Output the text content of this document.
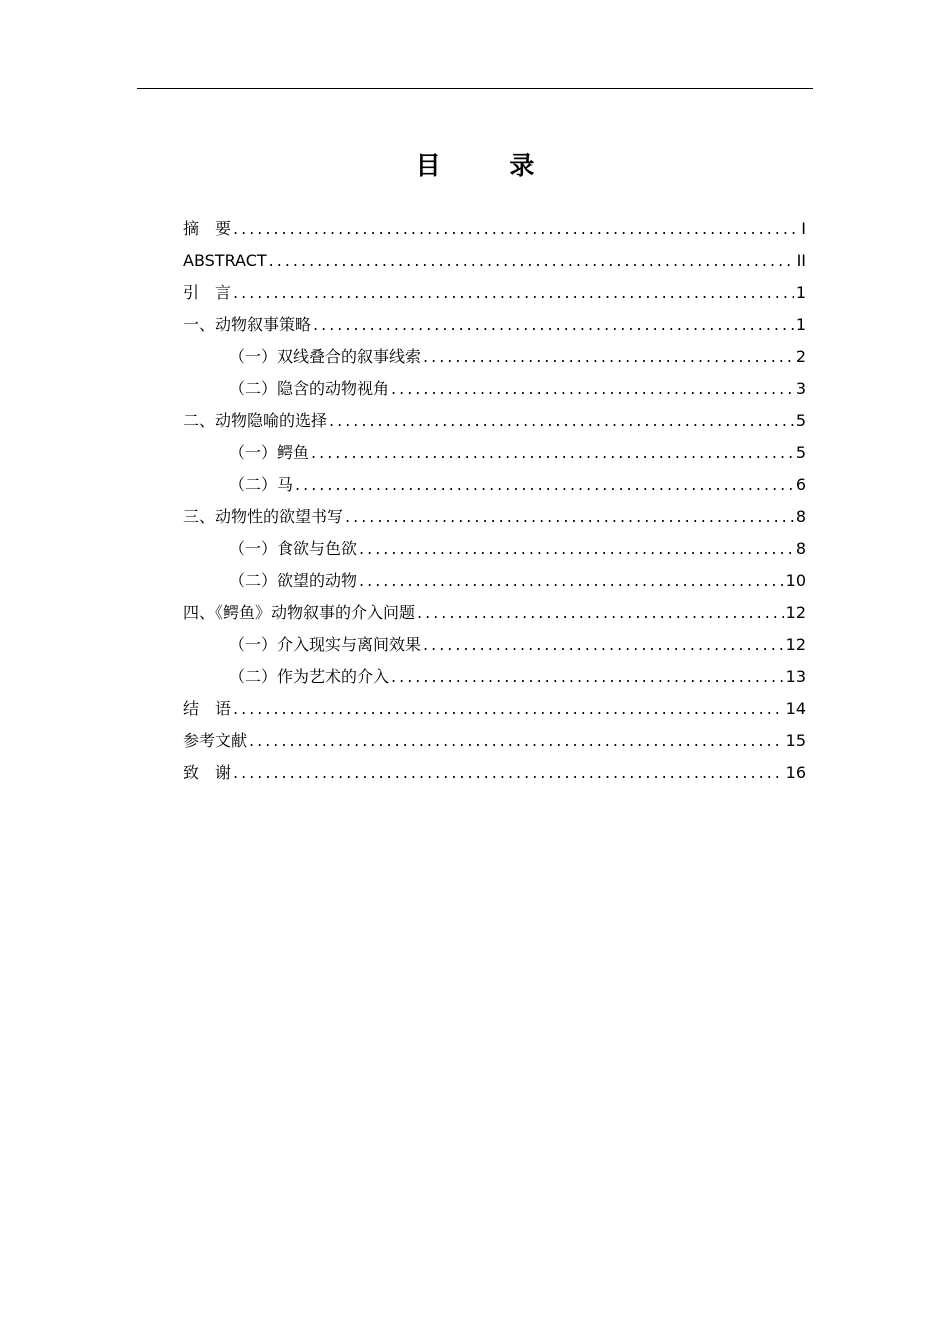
目 录
摘　要 .....	I
ABSTRACT .....	II
引　言 .....	1
一、动物叙事策略 .....	1
（一）双线叠合的叙事线索 .....	2
（二）隐含的动物视角 .....	3
二、动物隐喻的选择 .....	5
（一）鳄鱼 .....	5
（二）马 .....	6
三、动物性的欲望书写 .....	8
（一）食欲与色欲 .....	8
（二）欲望的动物 .....	10
四、《鳄鱼》动物叙事的介入问题 .....	12
（一）介入现实与离间效果 .....	12
（二）作为艺术的介入 .....	13
结　语 .....	14
参考文献 .....	15
致　谢 .....	16
